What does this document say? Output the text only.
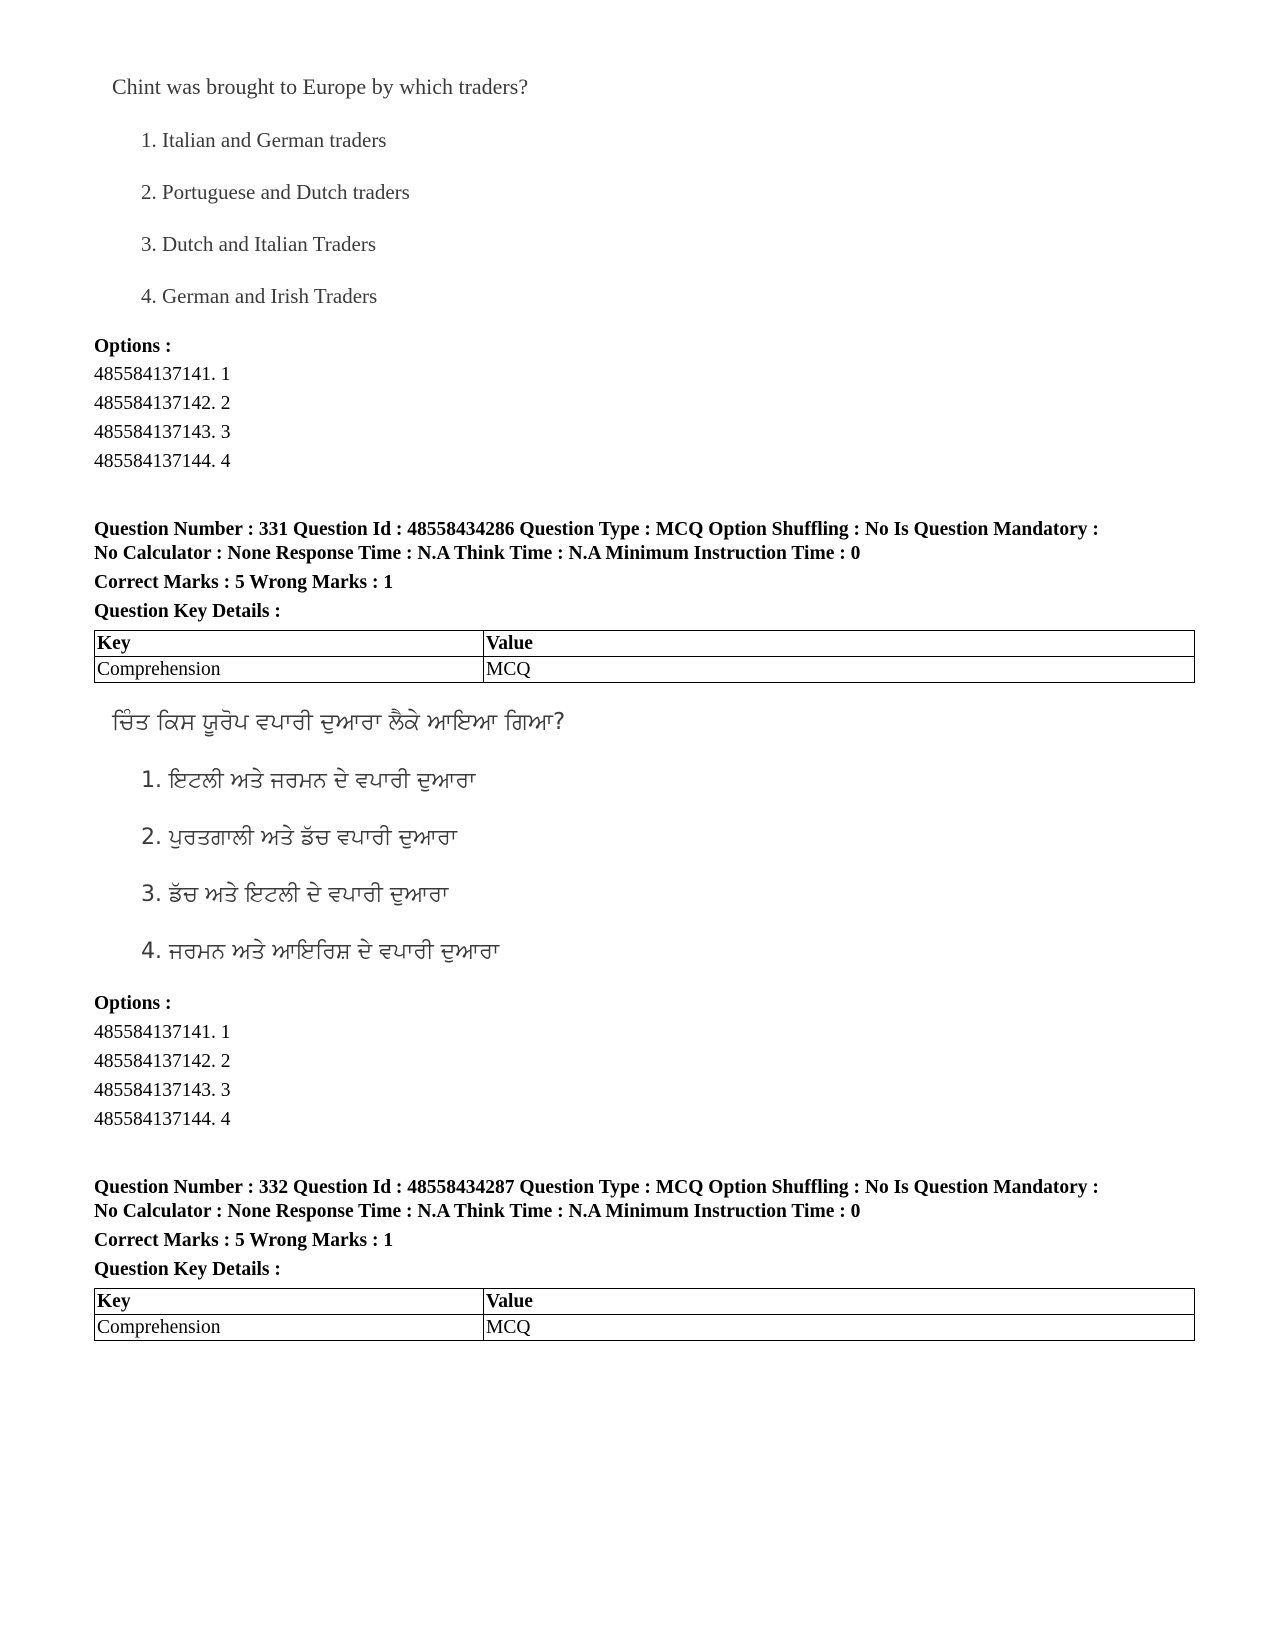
Chint was brought to Europe by which traders?
1. Italian and German traders
2. Portuguese and Dutch traders
3. Dutch and Italian Traders
4. German and Irish Traders
Options :
485584137141. 1
485584137142. 2
485584137143. 3
485584137144. 4
Question Number : 331 Question Id : 48558434286 Question Type : MCQ Option Shuffling : No Is Question Mandatory :
No Calculator : None Response Time : N.A Think Time : N.A Minimum Instruction Time : 0
Correct Marks : 5 Wrong Marks : 1
Question Key Details :
Key	Value
Comprehension	MCQ
ਚਿੰਤ ਕਿਸ ਯੂਰੋਪ ਵਪਾਰੀ ਦੁਆਰਾ ਲੈਕੇ ਆਇਆ ਗਿਆ?
1. ਇਟਲੀ ਅਤੇ ਜਰਮਨ ਦੇ ਵਪਾਰੀ ਦੁਆਰਾ
2. ਪੁਰਤਗਾਲੀ ਅਤੇ ਡੱਚ ਵਪਾਰੀ ਦੁਆਰਾ
3. ਡੱਚ ਅਤੇ ਇਟਲੀ ਦੇ ਵਪਾਰੀ ਦੁਆਰਾ
4. ਜਰਮਨ ਅਤੇ ਆਇਰਿਸ਼ ਦੇ ਵਪਾਰੀ ਦੁਆਰਾ
Options :
485584137141. 1
485584137142. 2
485584137143. 3
485584137144. 4
Question Number : 332 Question Id : 48558434287 Question Type : MCQ Option Shuffling : No Is Question Mandatory :
No Calculator : None Response Time : N.A Think Time : N.A Minimum Instruction Time : 0
Correct Marks : 5 Wrong Marks : 1
Question Key Details :
Key	Value
Comprehension	MCQ
